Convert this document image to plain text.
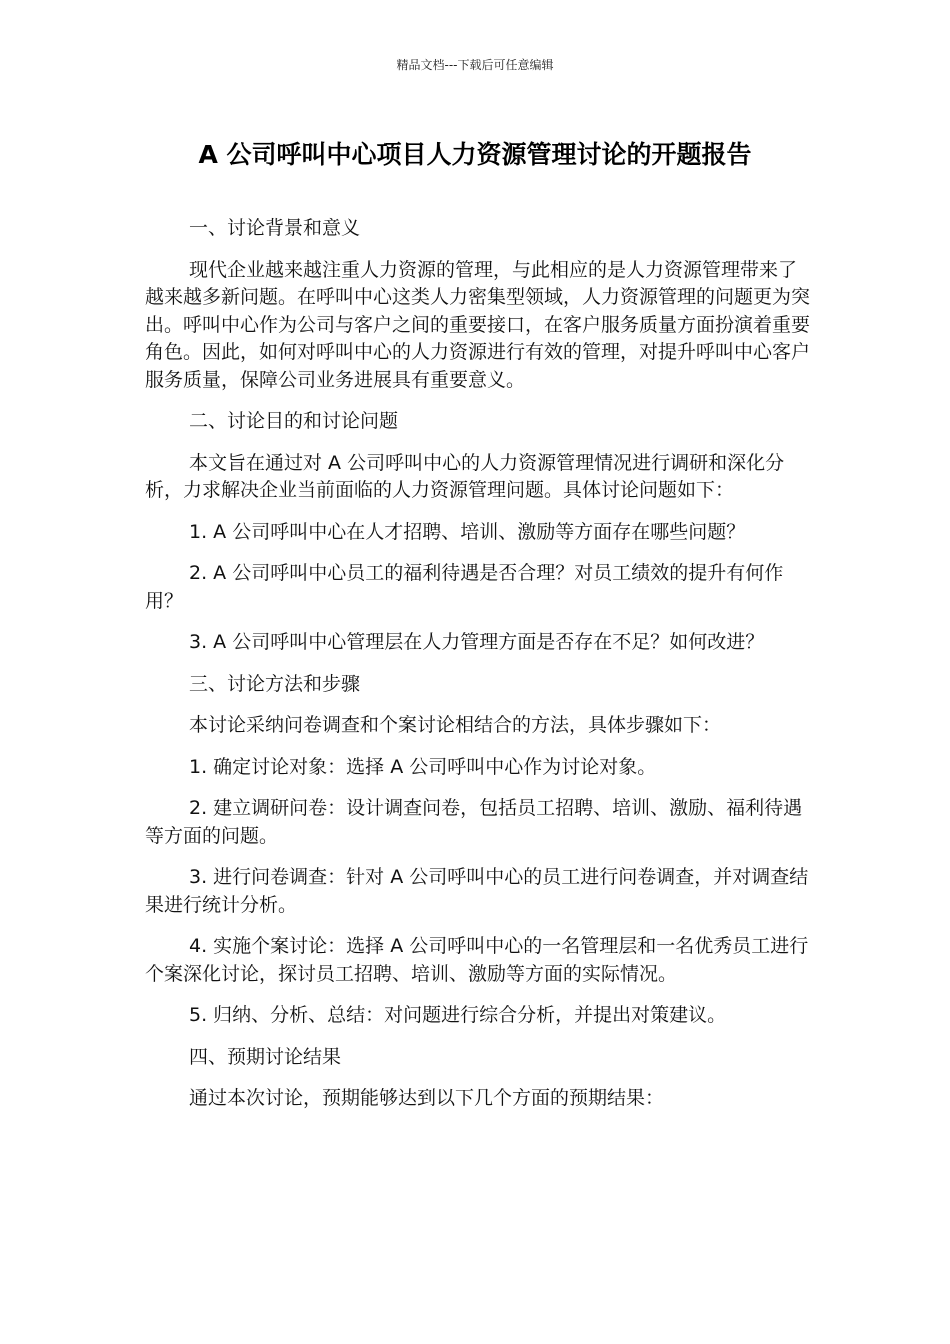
精品文档---下载后可任意编辑
A 公司呼叫中心项目人力资源管理讨论的开题报告

一、讨论背景和意义

现代企业越来越注重人力资源的管理，与此相应的是人力资源管理带来了越来越多新问题。在呼叫中心这类人力密集型领域，人力资源管理的问题更为突出。呼叫中心作为公司与客户之间的重要接口，在客户服务质量方面扮演着重要角色。因此，如何对呼叫中心的人力资源进行有效的管理，对提升呼叫中心客户服务质量，保障公司业务进展具有重要意义。

二、讨论目的和讨论问题

本文旨在通过对 A 公司呼叫中心的人力资源管理情况进行调研和深化分析，力求解决企业当前面临的人力资源管理问题。具体讨论问题如下：

1. A 公司呼叫中心在人才招聘、培训、激励等方面存在哪些问题？

2. A 公司呼叫中心员工的福利待遇是否合理？对员工绩效的提升有何作用？

3. A 公司呼叫中心管理层在人力管理方面是否存在不足？如何改进？

三、讨论方法和步骤

本讨论采纳问卷调查和个案讨论相结合的方法，具体步骤如下：

1. 确定讨论对象：选择 A 公司呼叫中心作为讨论对象。

2. 建立调研问卷：设计调查问卷，包括员工招聘、培训、激励、福利待遇等方面的问题。

3. 进行问卷调查：针对 A 公司呼叫中心的员工进行问卷调查，并对调查结果进行统计分析。

4. 实施个案讨论：选择 A 公司呼叫中心的一名管理层和一名优秀员工进行个案深化讨论，探讨员工招聘、培训、激励等方面的实际情况。

5. 归纳、分析、总结：对问题进行综合分析，并提出对策建议。

四、预期讨论结果

通过本次讨论，预期能够达到以下几个方面的预期结果：
